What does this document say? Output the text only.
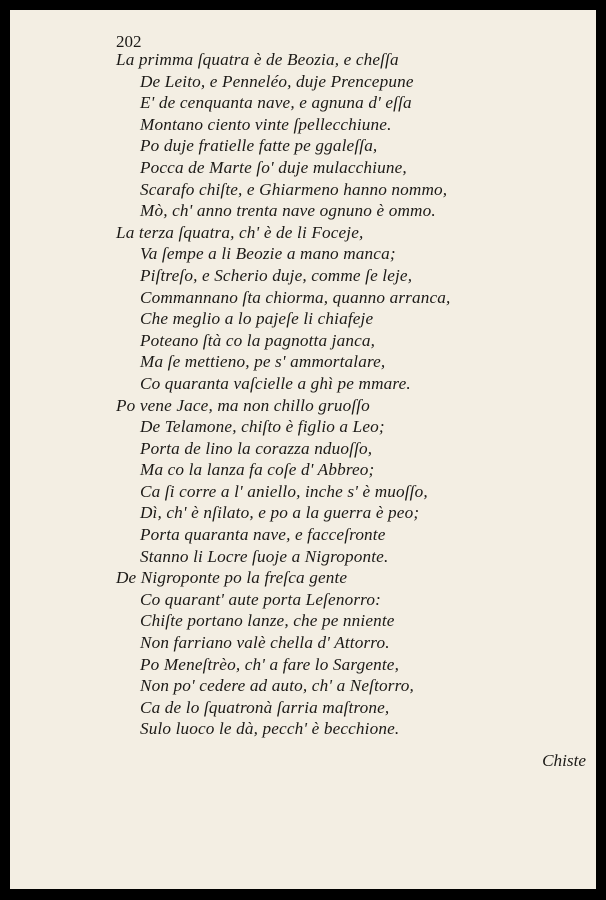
202
La primma ſquatra è de Beozia, e cheſſa
De Leito, e Penneléo, duje Prencepune
E' de cenquanta nave, e agnuna d' eſſa
Montano ciento vinte ſpellecchiune.
Po duje fratielle fatte pe ggaleſſa,
Pocca de Marte ſo' duje mulacchiune,
Scarafo chiſte, e Ghiarmeno hanno nommo,
Mò, ch' anno trenta nave ognuno è ommo.
La terza ſquatra, ch' è de li Foceje,
Va ſempe a li Beozie a mano manca;
Piſtreſo, e Scherio duje, comme ſe leje,
Commannano ſta chiorma, quanno arranca,
Che meglio a lo pajeſe li chiafeje
Poteano ſtà co la pagnotta janca,
Ma ſe mettieno, pe s' ammortalare,
Co quaranta vaſcielle a ghì pe mmare.
Po vene Jace, ma non chillo gruoſſo
De Telamone, chiſto è figlio a Leo;
Porta de lino la corazza nduoſſo,
Ma co la lanza fa coſe d' Abbreo;
Ca ſi corre a l' aniello, inche s' è muoſſo,
Dì, ch' è nſilato, e po a la guerra è peo;
Porta quaranta nave, e facceſronte
Stanno li Locre ſuoje a Nigroponte.
De Nigroponte po la freſca gente
Co quarant' aute porta Leſenorro:
Chiſte portano lanze, che pe nniente
Non farriano valè chella d' Attorro.
Po Meneſtrèo, ch' a fare lo Sargente,
Non po' cedere ad auto, ch' a Neſtorro,
Ca de lo ſquatronà ſarria maſtrone,
Sulo luoco le dà, pecch' è becchione.
Chiste
